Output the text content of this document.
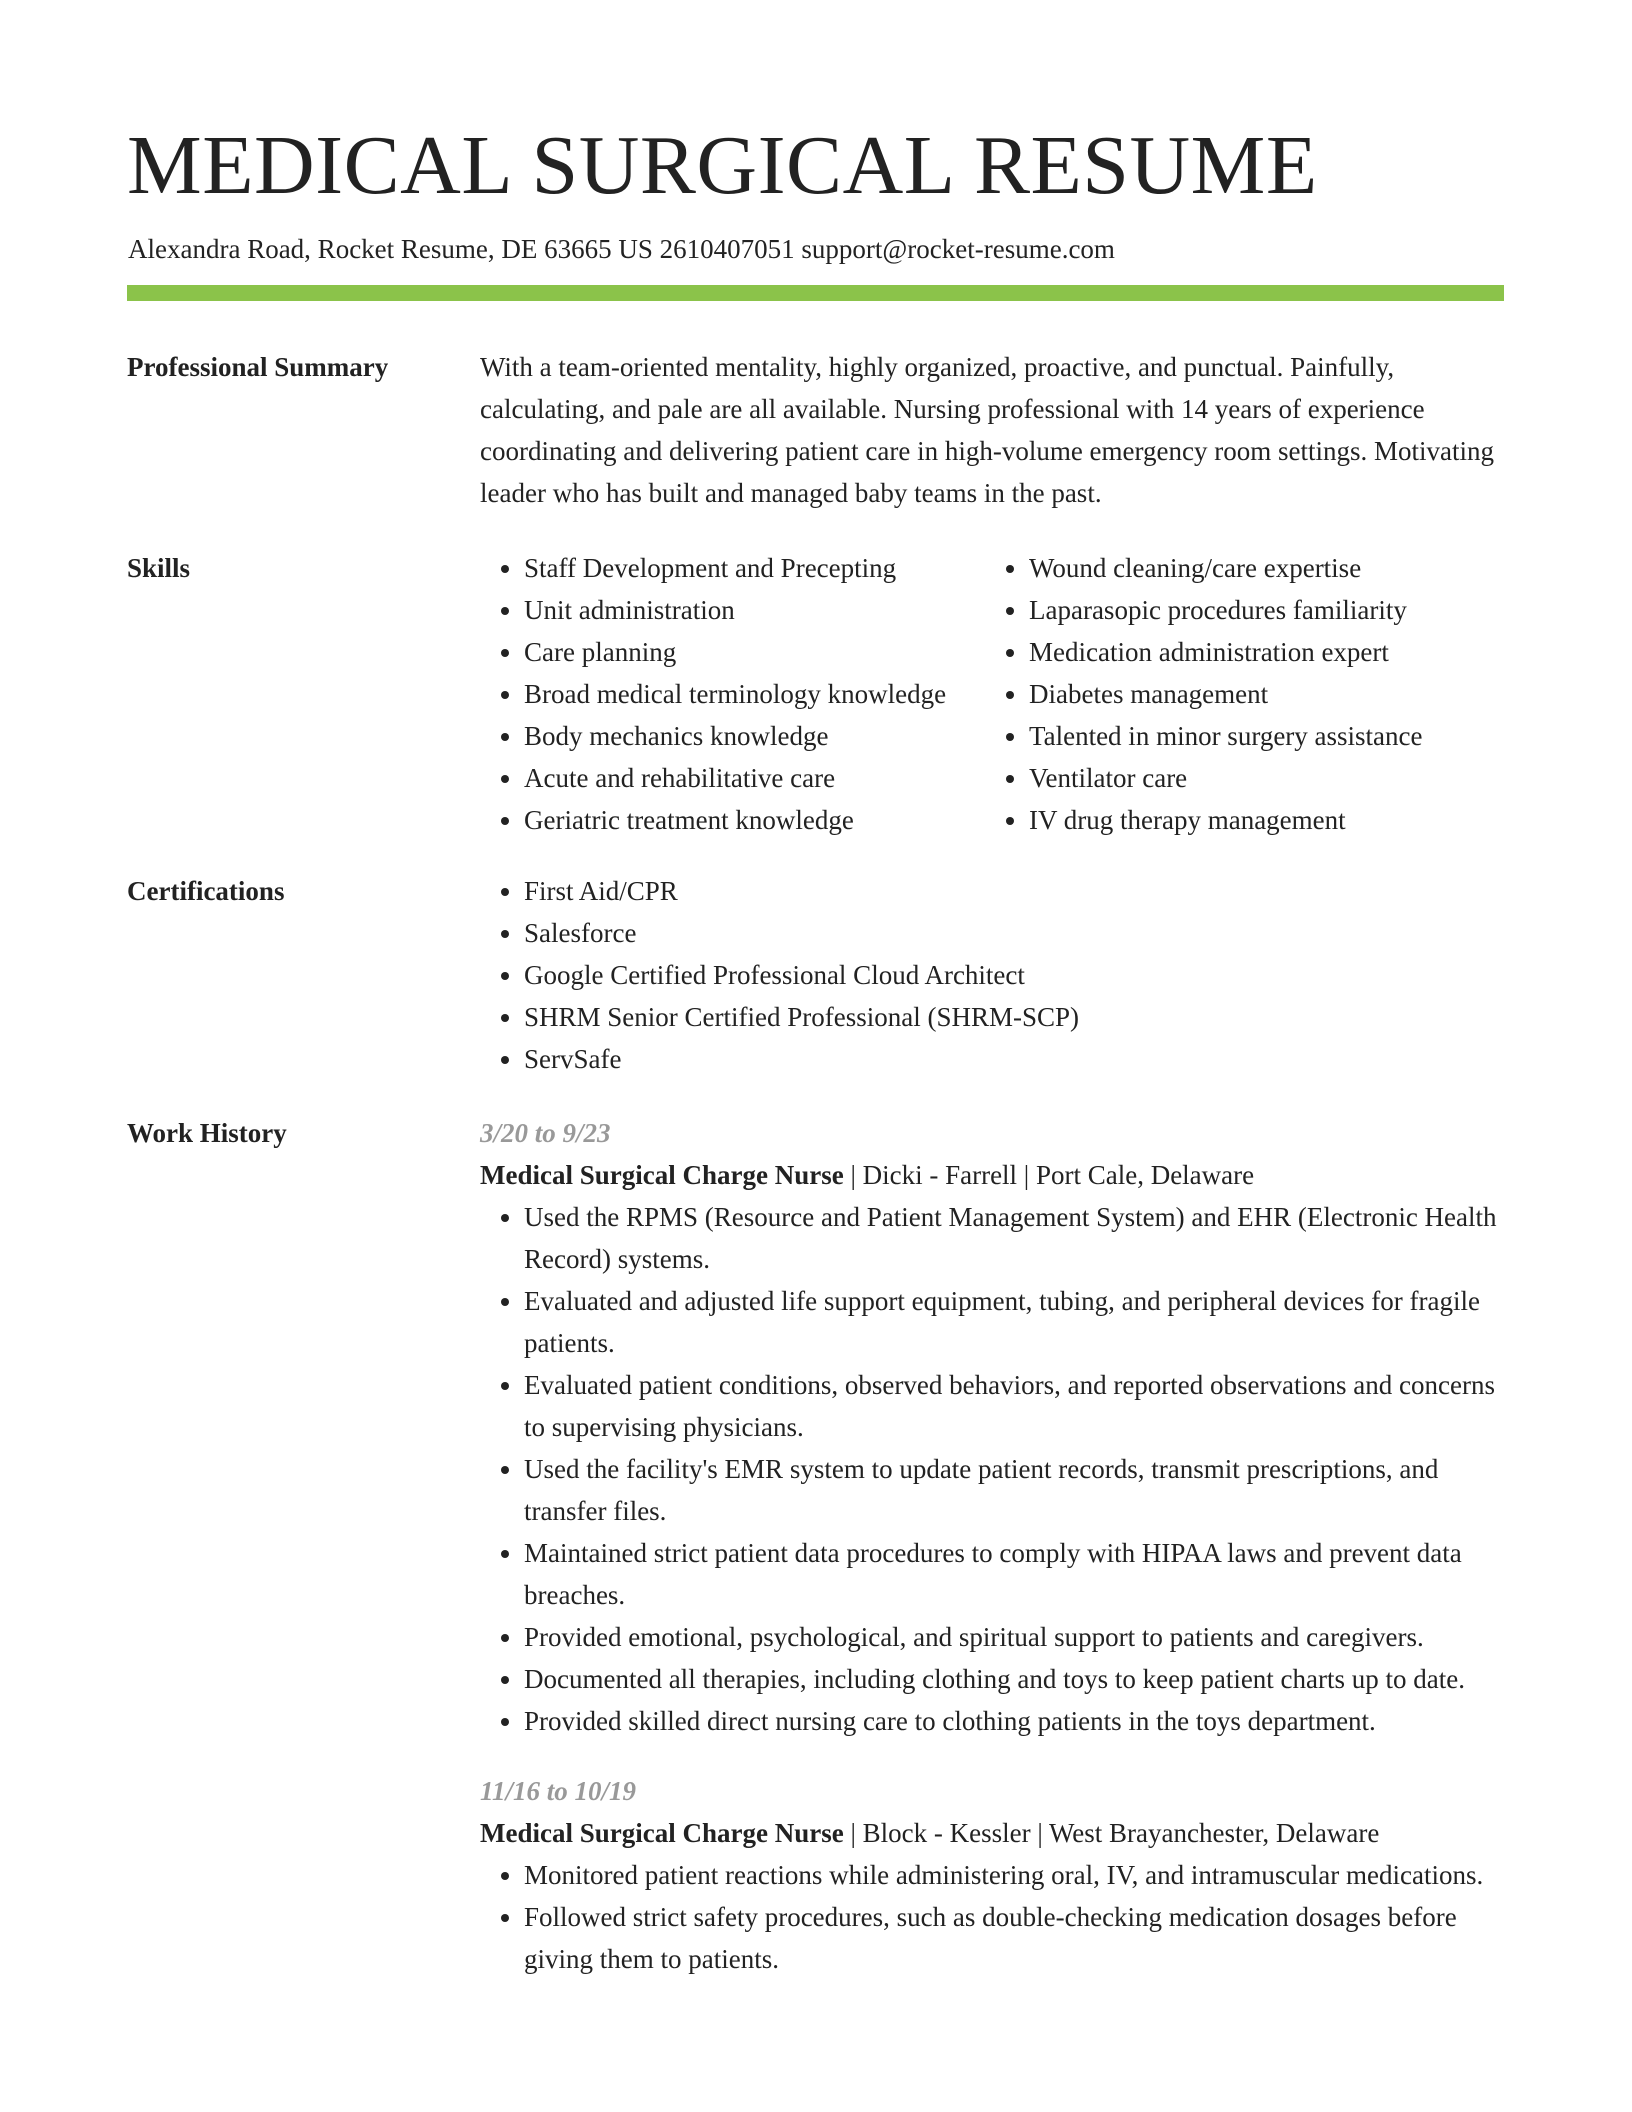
MEDICAL SURGICAL RESUME
Alexandra Road, Rocket Resume, DE 63665 US 2610407051 support@rocket-resume.com
Professional Summary	With a team-oriented mentality, highly organized, proactive, and punctual. Painfully, calculating, and pale are all available. Nursing professional with 14 years of experience coordinating and delivering patient care in high-volume emergency room settings. Motivating leader who has built and managed baby teams in the past.

Skills	• Staff Development and Precepting
• Unit administration
• Care planning
• Broad medical terminology knowledge
• Body mechanics knowledge
• Acute and rehabilitative care
• Geriatric treatment knowledge
• Wound cleaning/care expertise
• Laparasopic procedures familiarity
• Medication administration expert
• Diabetes management
• Talented in minor surgery assistance
• Ventilator care
• IV drug therapy management
Certifications	• First Aid/CPR
• Salesforce
• Google Certified Professional Cloud Architect
• SHRM Senior Certified Professional (SHRM-SCP)
• ServSafe
Work History	3/20 to 9/23
Medical Surgical Charge Nurse | Dicki - Farrell | Port Cale, Delaware
• Used the RPMS (Resource and Patient Management System) and EHR (Electronic Health Record) systems.
• Evaluated and adjusted life support equipment, tubing, and peripheral devices for fragile patients.
• Evaluated patient conditions, observed behaviors, and reported observations and concerns to supervising physicians.
• Used the facility's EMR system to update patient records, transmit prescriptions, and transfer files.
• Maintained strict patient data procedures to comply with HIPAA laws and prevent data breaches.
• Provided emotional, psychological, and spiritual support to patients and caregivers.
• Documented all therapies, including clothing and toys to keep patient charts up to date.
• Provided skilled direct nursing care to clothing patients in the toys department.
11/16 to 10/19
Medical Surgical Charge Nurse | Block - Kessler | West Brayanchester, Delaware
• Monitored patient reactions while administering oral, IV, and intramuscular medications.
• Followed strict safety procedures, such as double-checking medication dosages before giving them to patients.
